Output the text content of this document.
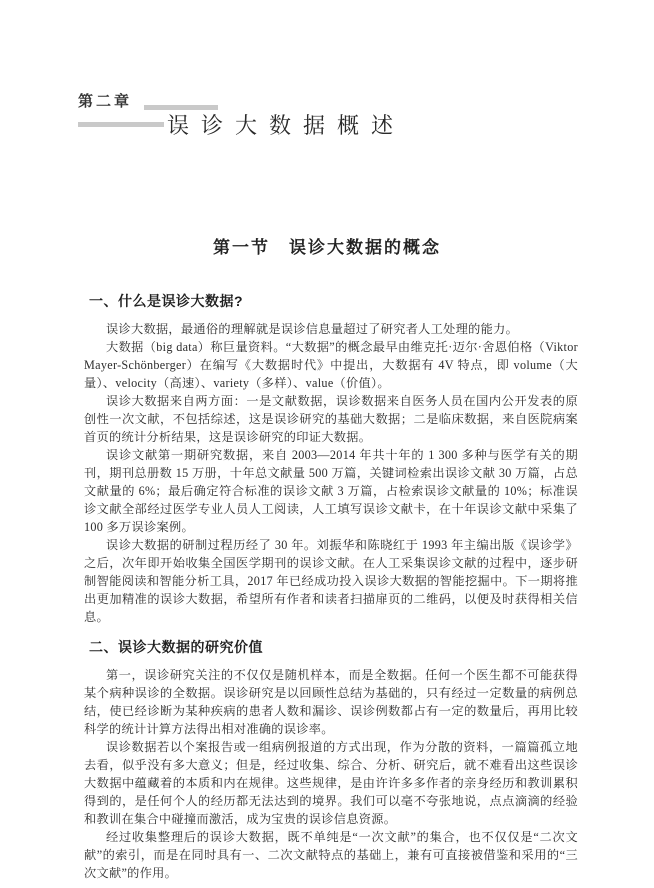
第二章
误诊大数据概述
第一节　误诊大数据的概念
一、什么是误诊大数据?

误诊大数据，最通俗的理解就是误诊信息量超过了研究者人工处理的能力。

大数据（big data）称巨量资料。“大数据”的概念最早由维克托·迈尔·舍恩伯格（Viktor Mayer-Schönberger）在编写《大数据时代》中提出，大数据有 4V 特点，即 volume（大量）、velocity（高速）、variety（多样）、value（价值）。

误诊大数据来自两方面：一是文献数据，误诊数据来自医务人员在国内公开发表的原创性一次文献，不包括综述，这是误诊研究的基础大数据；二是临床数据，来自医院病案首页的统计分析结果，这是误诊研究的印证大数据。

误诊文献第一期研究数据，来自 2003—2014 年共十年的 1 300 多种与医学有关的期刊，期刊总册数 15 万册，十年总文献量 500 万篇，关键词检索出误诊文献 30 万篇，占总文献量的 6%；最后确定符合标准的误诊文献 3 万篇，占检索误诊文献量的 10%；标准误诊文献全部经过医学专业人员人工阅读，人工填写误诊文献卡，在十年误诊文献中采集了 100 多万误诊案例。

误诊大数据的研制过程历经了 30 年。刘振华和陈晓红于 1993 年主编出版《误诊学》之后，次年即开始收集全国医学期刊的误诊文献。在人工采集误诊文献的过程中，逐步研制智能阅读和智能分析工具，2017 年已经成功投入误诊大数据的智能挖掘中。下一期将推出更加精准的误诊大数据，希望所有作者和读者扫描扉页的二维码，以便及时获得相关信息。

二、误诊大数据的研究价值

第一，误诊研究关注的不仅仅是随机样本，而是全数据。任何一个医生都不可能获得某个病种误诊的全数据。误诊研究是以回顾性总结为基础的，只有经过一定数量的病例总结，使已经诊断为某种疾病的患者人数和漏诊、误诊例数都占有一定的数量后，再用比较科学的统计计算方法得出相对准确的误诊率。

误诊数据若以个案报告或一组病例报道的方式出现，作为分散的资料，一篇篇孤立地去看，似乎没有多大意义；但是，经过收集、综合、分析、研究后，就不难看出这些误诊大数据中蕴藏着的本质和内在规律。这些规律，是由许许多多作者的亲身经历和教训累积得到的，是任何个人的经历都无法达到的境界。我们可以毫不夸张地说，点点滴滴的经验和教训在集合中碰撞而激活，成为宝贵的误诊信息资源。

经过收集整理后的误诊大数据，既不单纯是“一次文献”的集合，也不仅仅是“二次文献”的索引，而是在同时具有一、二次文献特点的基础上，兼有可直接被借鉴和采用的“三次文献”的作用。
